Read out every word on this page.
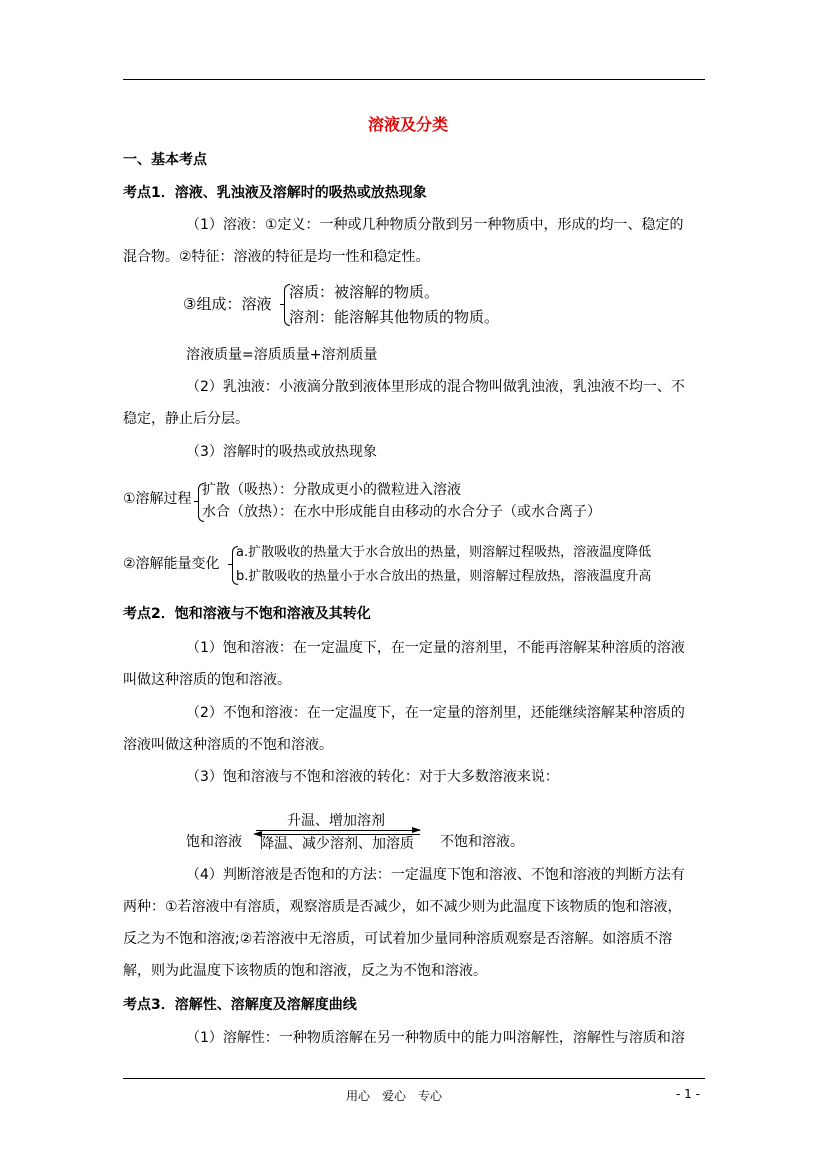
溶液及分类
一、基本考点
考点1．溶液、乳浊液及溶解时的吸热或放热现象
（1）溶液：①定义：一种或几种物质分散到另一种物质中，形成的均一、稳定的
混合物。②特征：溶液的特征是均一性和稳定性。
③组成：溶液
溶质：被溶解的物质。
溶剂：能溶解其他物质的物质。
溶液质量=溶质质量+溶剂质量
（2）乳浊液：小液滴分散到液体里形成的混合物叫做乳浊液，乳浊液不均一、不
稳定，静止后分层。
（3）溶解时的吸热或放热现象
①溶解过程
扩散（吸热）：分散成更小的微粒进入溶液
水合（放热）：在水中形成能自由移动的水合分子（或水合离子）
②溶解能量变化
a.扩散吸收的热量大于水合放出的热量，则溶解过程吸热，溶液温度降低
b.扩散吸收的热量小于水合放出的热量，则溶解过程放热，溶液温度升高
考点2．饱和溶液与不饱和溶液及其转化
（1）饱和溶液：在一定温度下，在一定量的溶剂里，不能再溶解某种溶质的溶液
叫做这种溶质的饱和溶液。
（2）不饱和溶液：在一定温度下，在一定量的溶剂里，还能继续溶解某种溶质的
溶液叫做这种溶质的不饱和溶液。
（3）饱和溶液与不饱和溶液的转化：对于大多数溶液来说：
升温、增加溶剂
饱和溶液 降温、减少溶剂、加溶质 不饱和溶液。
（4）判断溶液是否饱和的方法：一定温度下饱和溶液、不饱和溶液的判断方法有
两种：①若溶液中有溶质，观察溶质是否减少，如不减少则为此温度下该物质的饱和溶液，
反之为不饱和溶液;②若溶液中无溶质，可试着加少量同种溶质观察是否溶解。如溶质不溶
解，则为此温度下该物质的饱和溶液，反之为不饱和溶液。
考点3．溶解性、溶解度及溶解度曲线
（1）溶解性：一种物质溶解在另一种物质中的能力叫溶解性，溶解性与溶质和溶
用心　爱心　专心	- 1 -
